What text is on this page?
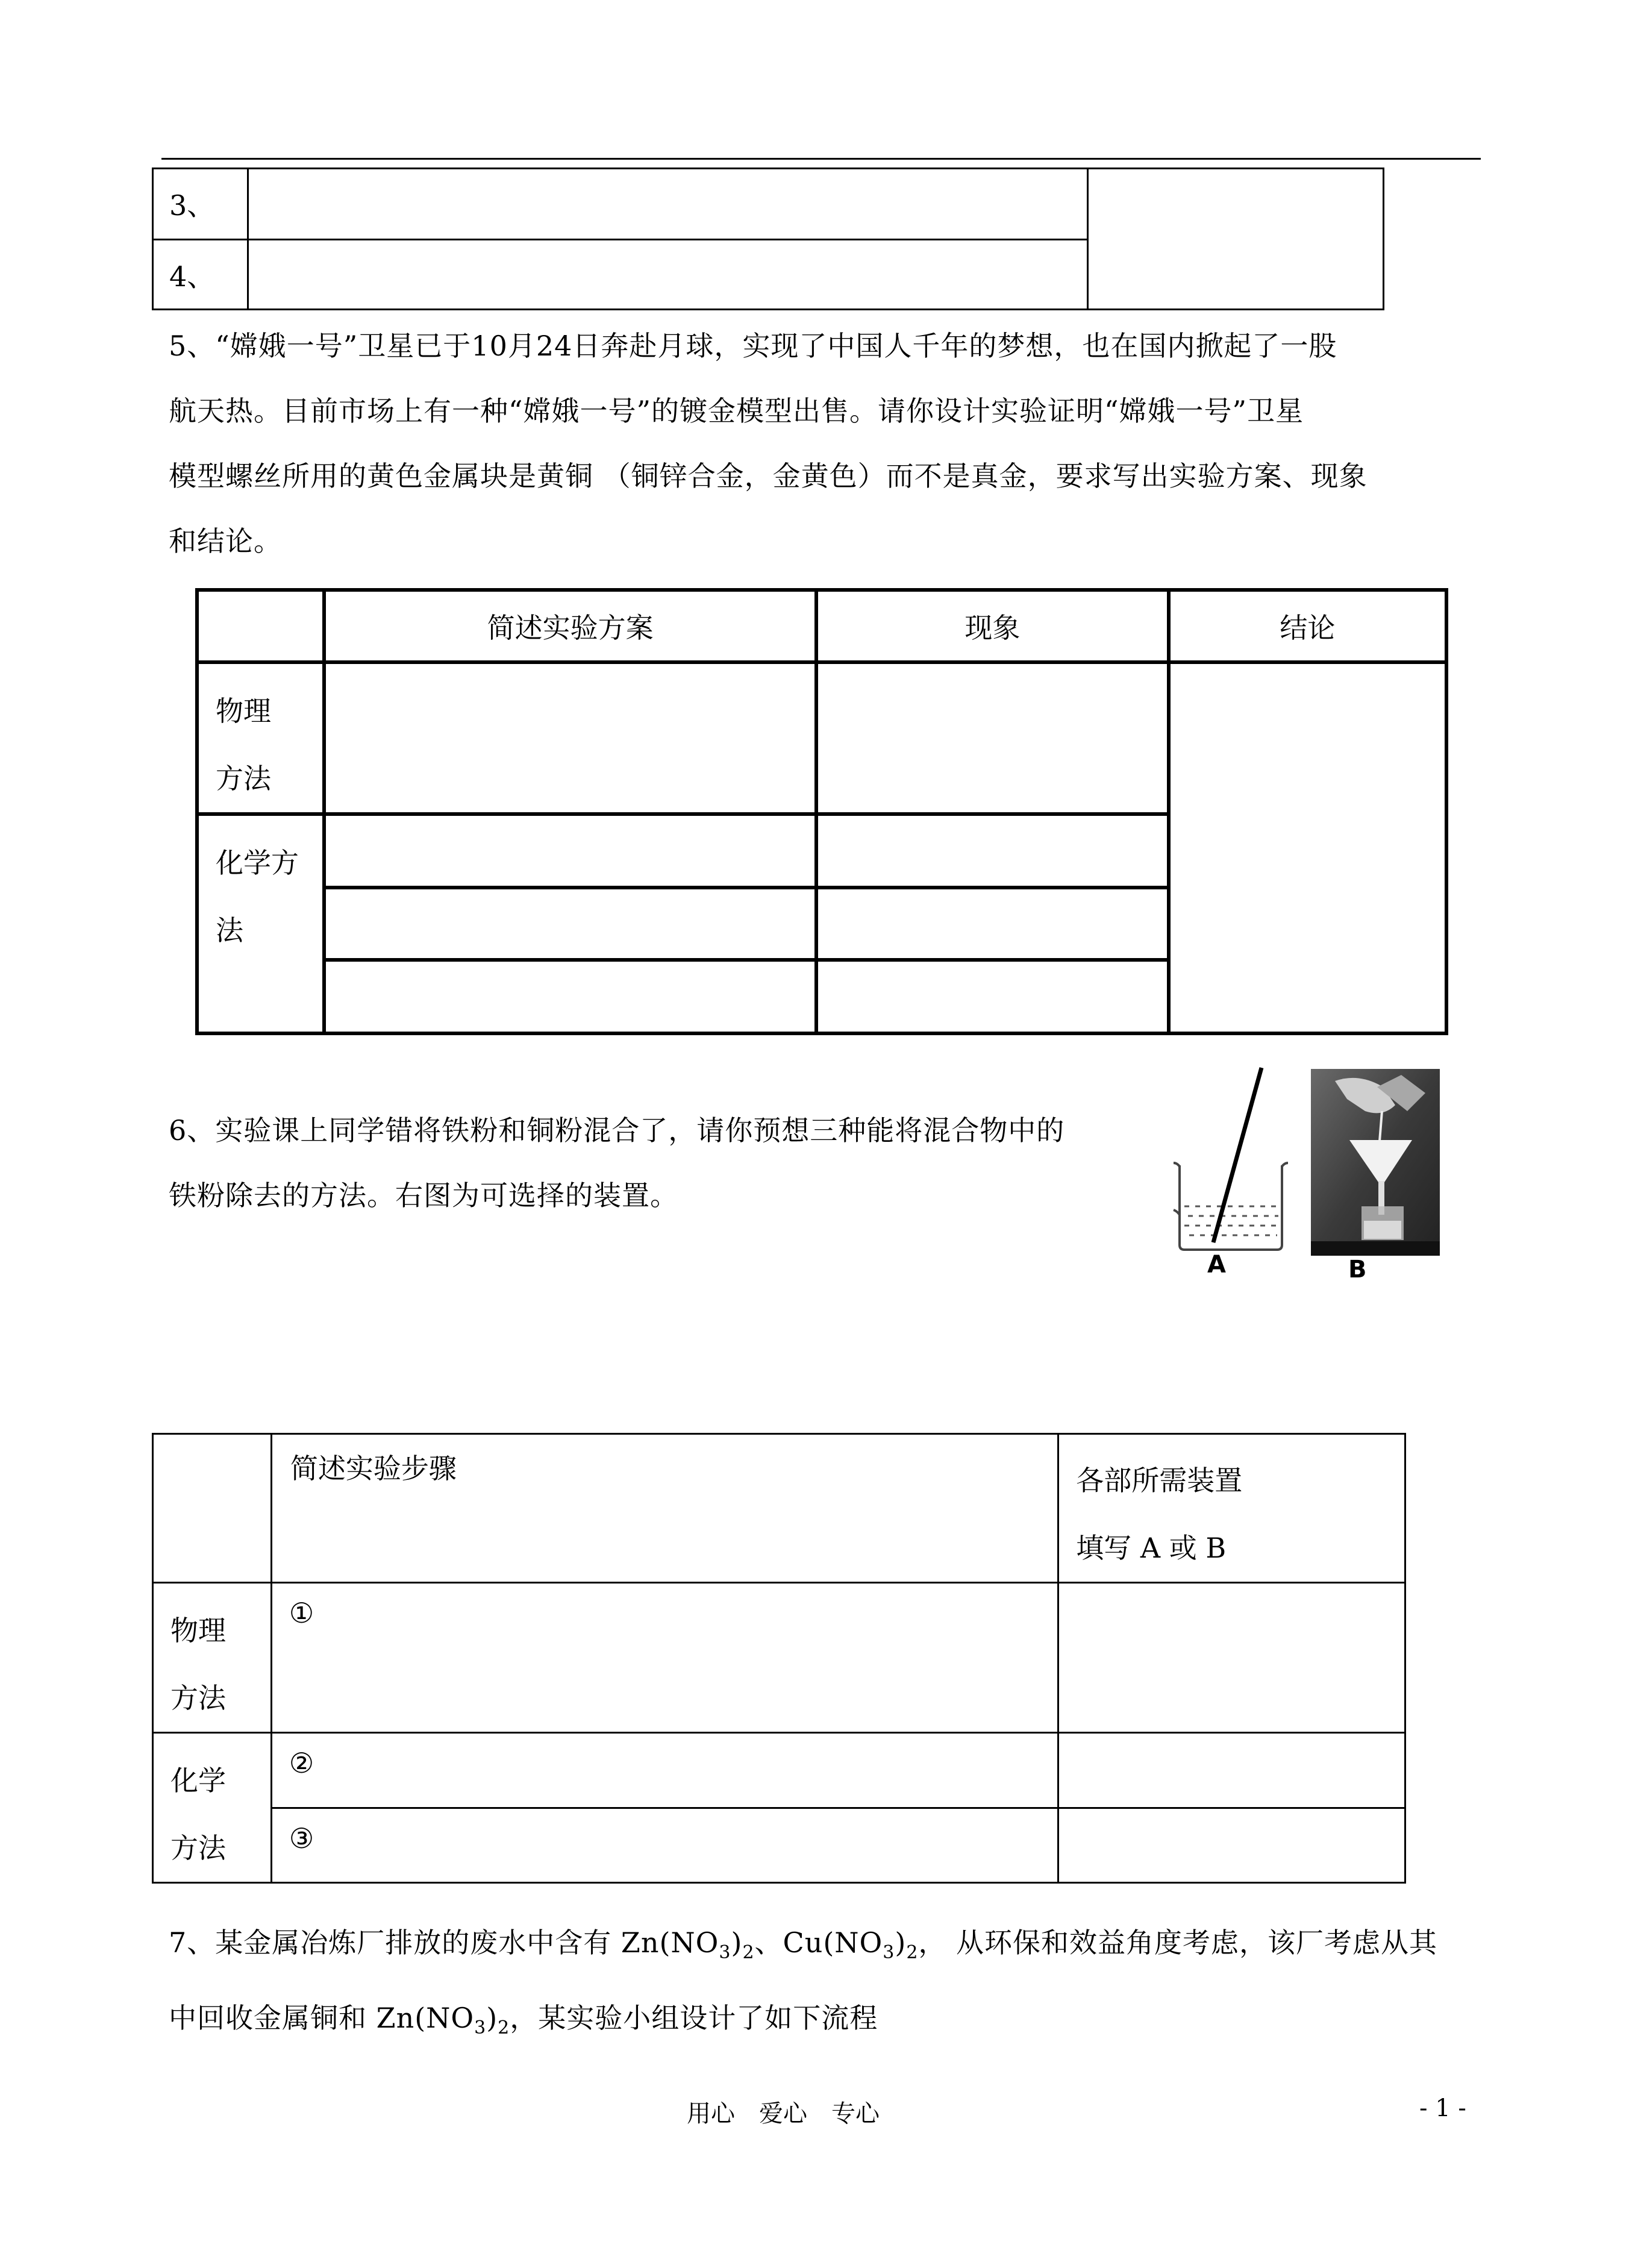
3、		
4、		
5、“嫦娥一号”卫星已于10月24日奔赴月球，实现了中国人千年的梦想，也在国内掀起了一股
航天热。目前市场上有一种“嫦娥一号”的镀金模型出售。请你设计实验证明“嫦娥一号”卫星
模型螺丝所用的黄色金属块是黄铜 （铜锌合金，金黄色）而不是真金，要求写出实验方案、现象
和结论。
	简述实验方案	现象	结论

物理
方法			

化学方
法			

6、实验课上同学错将铁粉和铜粉混合了，请你预想三种能将混合物中的
铁粉除去的方法。右图为可选择的装置。
A	B
	简述实验步骤	各部所需装置
填写 A 或 B

物理
方法	①	

化学
方法	②	
	③	
7、某金属冶炼厂排放的废水中含有 $Zn(NO_3)_2$、$Cu(NO_3)_2$， 从环保和效益角度考虑，该厂考虑从其
中回收金属铜和 $Zn(NO_3)_2$，某实验小组设计了如下流程
用心　爱心　专心	- 1 -
